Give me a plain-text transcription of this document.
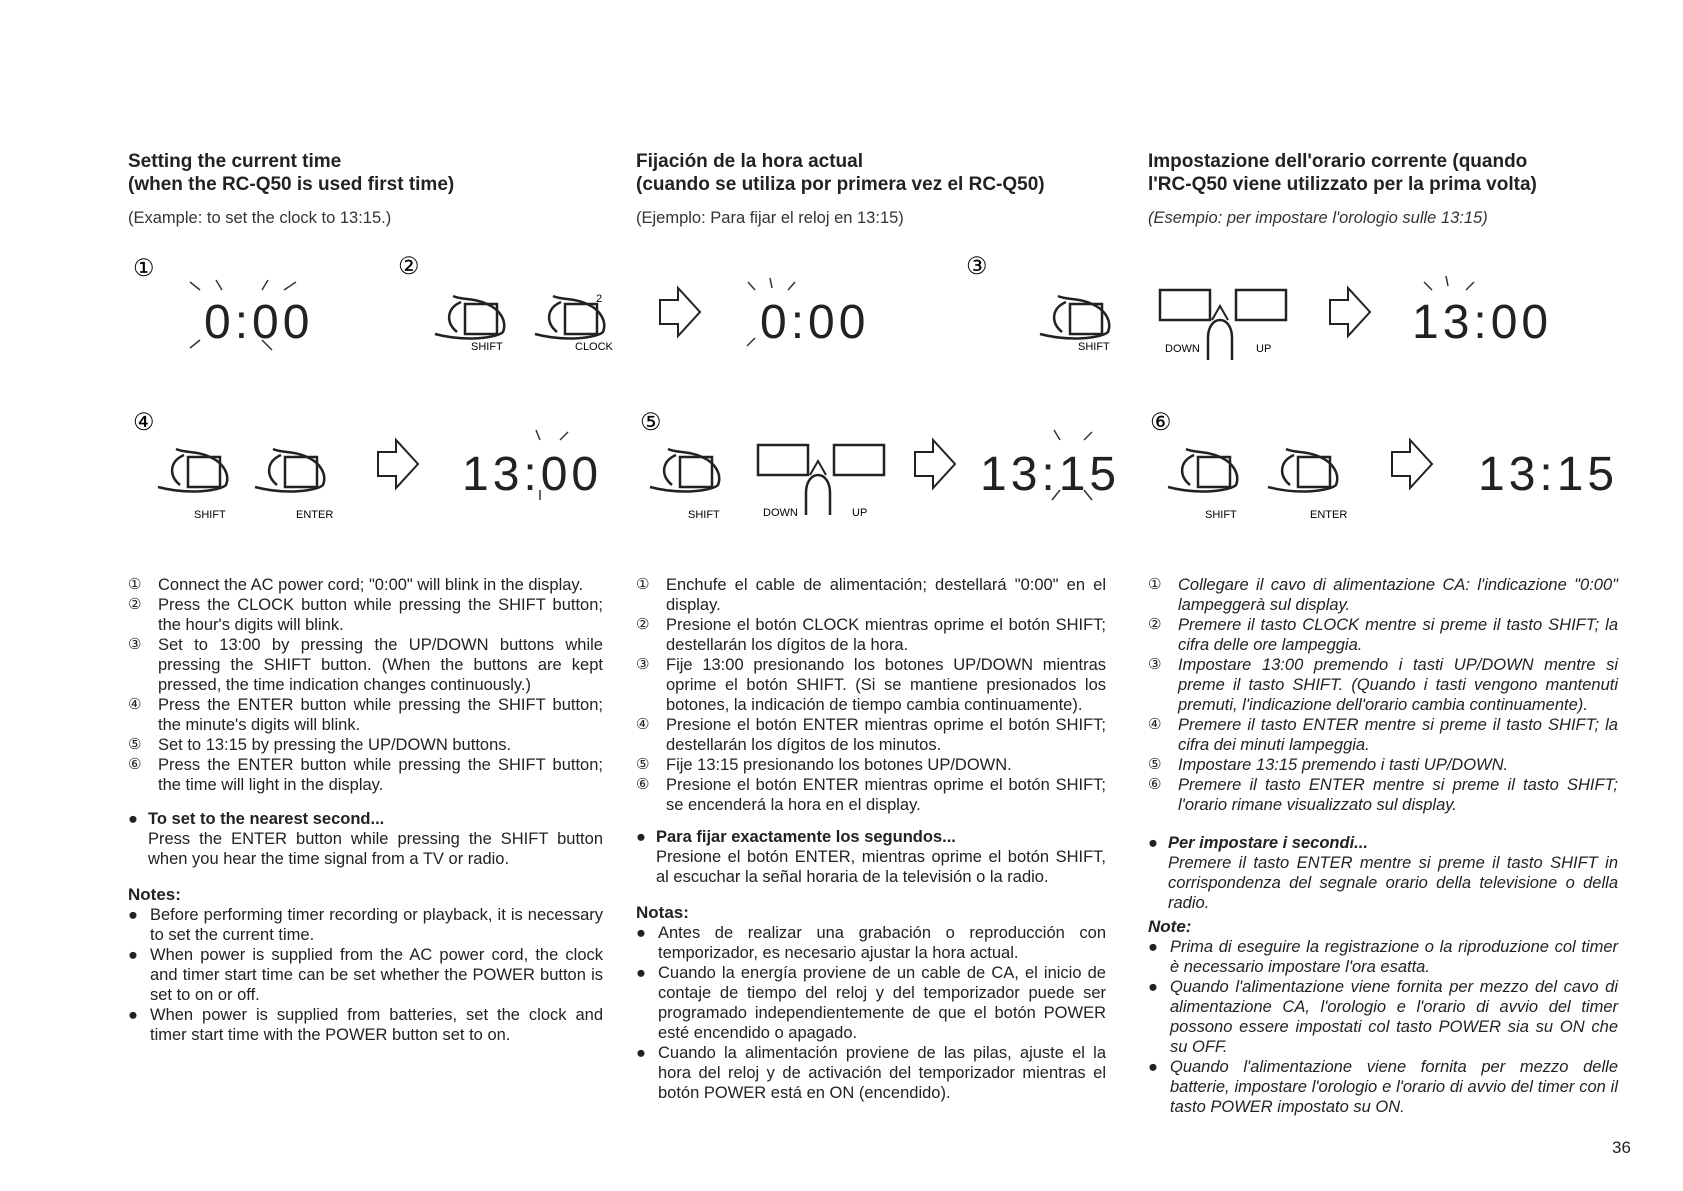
Setting the current time
(when the RC-Q50 is used first time)
(Example: to set the clock to 13:15.)
①	Connect the AC power cord; "0:00" will blink in the display.
②	Press the CLOCK button while pressing the SHIFT button; the hour's digits will blink.
③	Set to 13:00 by pressing the UP/DOWN buttons while pressing the SHIFT button. (When the buttons are kept pressed, the time indication changes continuously.)
④	Press the ENTER button while pressing the SHIFT button; the minute's digits will blink.
⑤	Set to 13:15 by pressing the UP/DOWN buttons.
⑥	Press the ENTER button while pressing the SHIFT button; the time will light in the display.
● To set to the nearest second...
Press the ENTER button while pressing the SHIFT button when you hear the time signal from a TV or radio.
Notes:
● Before performing timer recording or playback, it is necessary to set the current time.
● When power is supplied from the AC power cord, the clock and timer start time can be set whether the POWER button is set to on or off.
● When power is supplied from batteries, set the clock and timer start time with the POWER button set to on.
Fijación de la hora actual
(cuando se utiliza por primera vez el RC-Q50)
(Ejemplo: Para fijar el reloj en 13:15)
①	Enchufe el cable de alimentación; destellará "0:00" en el display.
②	Presione el botón CLOCK mientras oprime el botón SHIFT; destellarán los dígitos de la hora.
③	Fije 13:00 presionando los botones UP/DOWN mientras oprime el botón SHIFT. (Si se mantiene presionados los botones, la indicación de tiempo cambia continuamente).
④	Presione el botón ENTER mientras oprime el botón SHIFT; destellarán los dígitos de los minutos.
⑤	Fije 13:15 presionando los botones UP/DOWN.
⑥	Presione el botón ENTER mientras oprime el botón SHIFT; se encenderá la hora en el display.
● Para fijar exactamente los segundos...
Presione el botón ENTER, mientras oprime el botón SHIFT, al escuchar la señal horaria de la televisión o la radio.
Notas:
● Antes de realizar una grabación o reproducción con temporizador, es necesario ajustar la hora actual.
● Cuando la energía proviene de un cable de CA, el inicio de contaje de tiempo del reloj y del temporizador puede ser programado independientemente de que el botón POWER esté encendido o apagado.
● Cuando la alimentación proviene de las pilas, ajuste el la hora del reloj y de activación del temporizador mientras el botón POWER está en ON (encendido).
Impostazione dell'orario corrente (quando
l'RC-Q50 viene utilizzato per la prima volta)
(Esempio: per impostare l'orologio sulle 13:15)
①	Collegare il cavo di alimentazione CA: l'indicazione "0:00" lampeggerà sul display.
②	Premere il tasto CLOCK mentre si preme il tasto SHIFT; la cifra delle ore lampeggia.
③	Impostare 13:00 premendo i tasti UP/DOWN mentre si preme il tasto SHIFT. (Quando i tasti vengono mantenuti premuti, l'indicazione dell'orario cambia continuamente).
④	Premere il tasto ENTER mentre si preme il tasto SHIFT; la cifra dei minuti lampeggia.
⑤	Impostare 13:15 premendo i tasti UP/DOWN.
⑥	Premere il tasto ENTER mentre si preme il tasto SHIFT; l'orario rimane visualizzato sul display.
● Per impostare i secondi...
Premere il tasto ENTER mentre si preme il tasto SHIFT in corrispondenza del segnale orario della televisione o della radio.
Note:
● Prima di eseguire la registrazione o la riproduzione col timer è necessario impostare l'ora esatta.
● Quando l'alimentazione viene fornita per mezzo del cavo di alimentazione CA, l'orologio e l'orario di avvio del timer possono essere impostati col tasto POWER sia su ON che su OFF.
● Quando l'alimentazione viene fornita per mezzo delle batterie, impostare l'orologio e l'orario di avvio del timer con il tasto POWER impostato su ON.
①	②	③
④	⑤	⑥
0:00	SHIFT
2
CLOCK	0:00	SHIFT	DOWN	UP	13:00
SHIFT	ENTER
13:00
SHIFT	DOWN	UP
13:15
SHIFT	ENTER
13:15
36
